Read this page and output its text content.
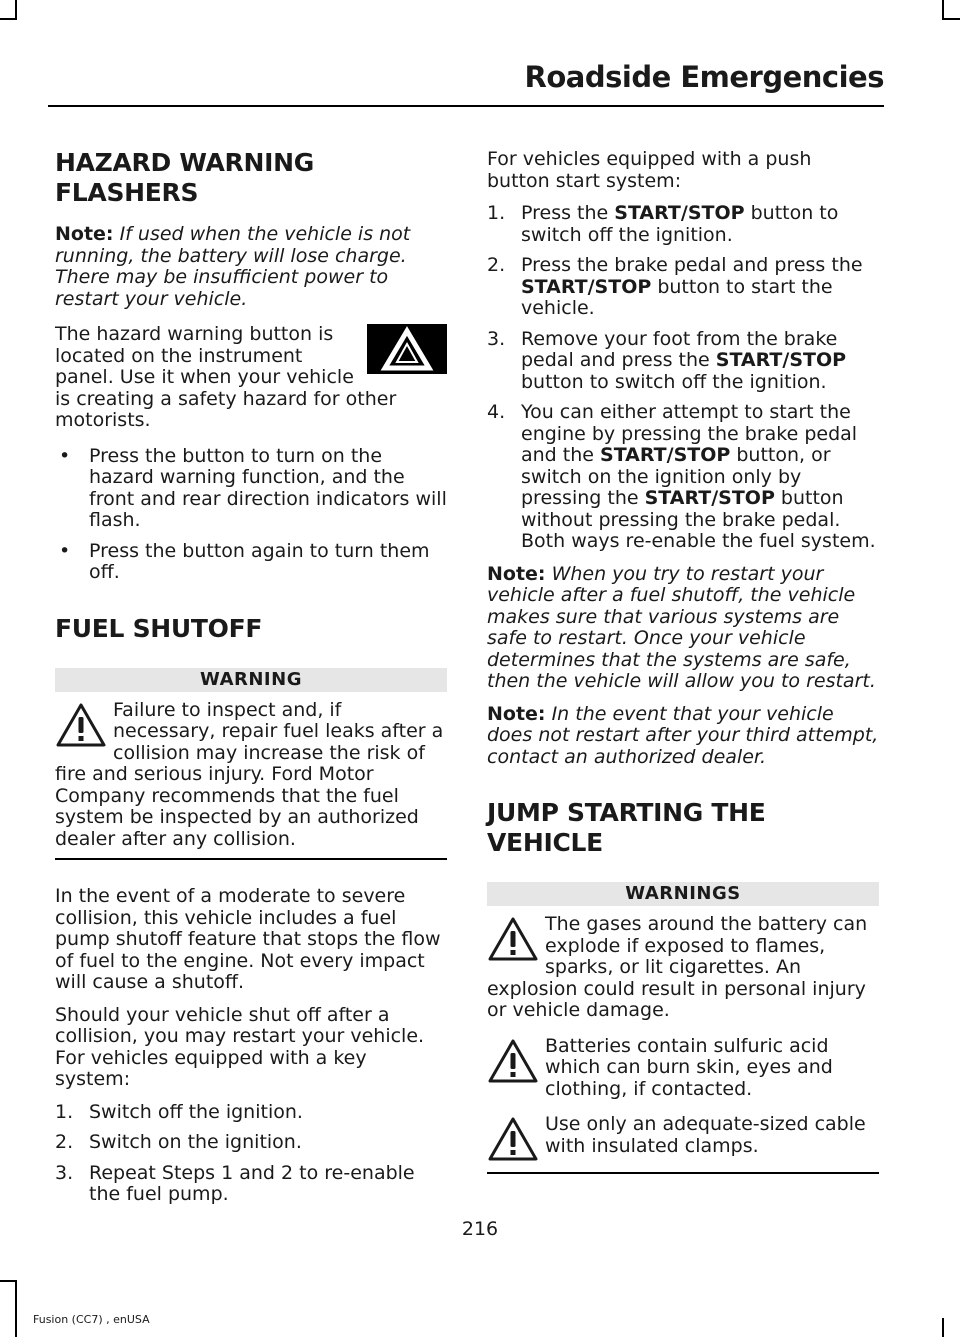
Roadside Emergencies
HAZARD WARNING FLASHERS

Note: If used when the vehicle is not running, the battery will lose charge. There may be insufficient power to restart your vehicle.

The hazard warning button is located on the instrument panel. Use it when your vehicle is creating a safety hazard for other motorists.

• Press the button to turn on the hazard warning function, and the front and rear direction indicators will flash.
• Press the button again to turn them off.
FUEL SHUTOFF
WARNING
Failure to inspect and, if necessary, repair fuel leaks after a collision may increase the risk of fire and serious injury. Ford Motor Company recommends that the fuel system be inspected by an authorized dealer after any collision.

In the event of a moderate to severe collision, this vehicle includes a fuel pump shutoff feature that stops the flow of fuel to the engine. Not every impact will cause a shutoff.

Should your vehicle shut off after a collision, you may restart your vehicle. For vehicles equipped with a key system:

1. Switch off the ignition.
2. Switch on the ignition.
3. Repeat Steps 1 and 2 to re-enable the fuel pump.

For vehicles equipped with a push button start system:

1. Press the START/STOP button to switch off the ignition.
2. Press the brake pedal and press the START/STOP button to start the vehicle.
3. Remove your foot from the brake pedal and press the START/STOP button to switch off the ignition.
4. You can either attempt to start the engine by pressing the brake pedal and the START/STOP button, or switch on the ignition only by pressing the START/STOP button without pressing the brake pedal. Both ways re-enable the fuel system.

Note: When you try to restart your vehicle after a fuel shutoff, the vehicle makes sure that various systems are safe to restart. Once your vehicle determines that the systems are safe, then the vehicle will allow you to restart.

Note: In the event that your vehicle does not restart after your third attempt, contact an authorized dealer.

JUMP STARTING THE VEHICLE
WARNINGS
The gases around the battery can explode if exposed to flames, sparks, or lit cigarettes. An explosion could result in personal injury or vehicle damage.
Batteries contain sulfuric acid which can burn skin, eyes and clothing, if contacted.
Use only an adequate-sized cable with insulated clamps.
216
Fusion (CC7) , enUSA
